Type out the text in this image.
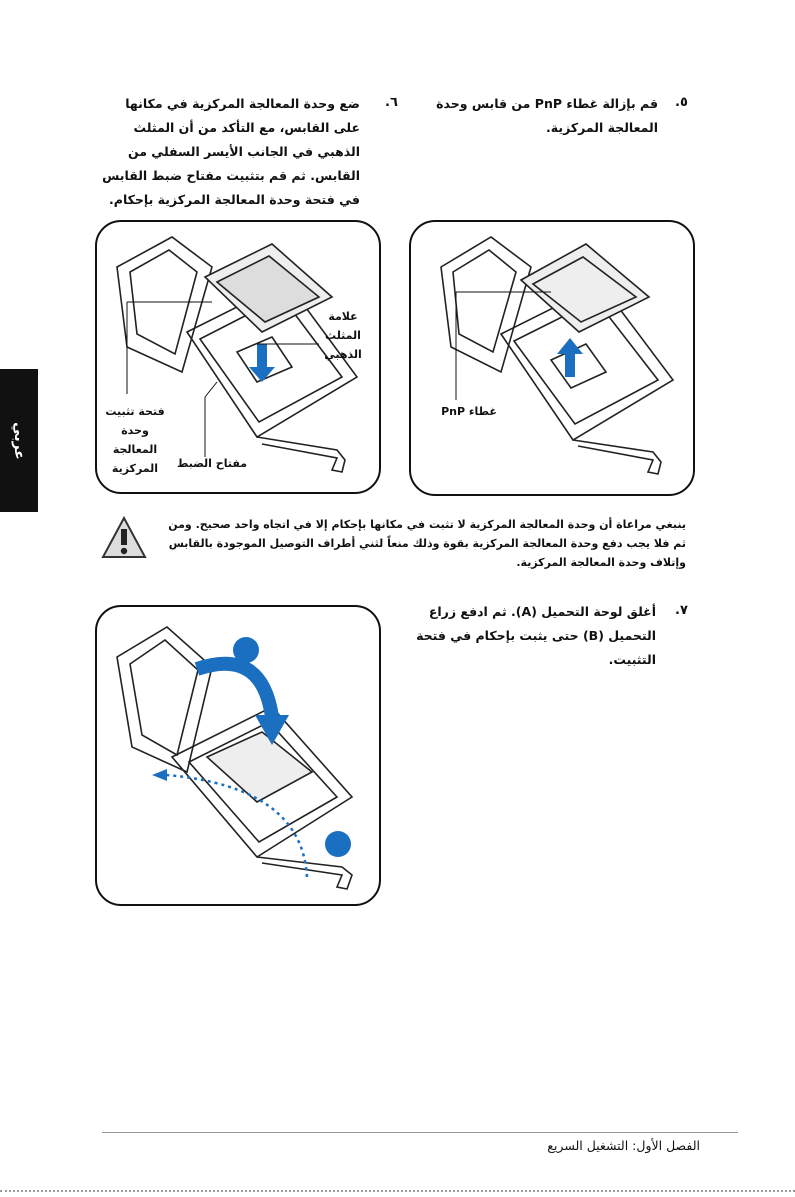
عربي
٥.
قم بإزالة غطاء PnP من قابس وحدة المعالجة المركزية.
٦.
ضع وحدة المعالجة المركزية في مكانها على القابس، مع التأكد من أن المثلث الذهبي في الجانب الأيسر السفلي من القابس. ثم قم بتثبيت مفتاح ضبط القابس في فتحة وحدة المعالجة المركزية بإحكام.
علامة المثلث الذهبي
فتحة تثبيت وحدة المعالجة المركزية	مفتاح الضبط
غطاء PnP
ينبغي مراعاة أن وحدة المعالجة المركزية لا تثبت في مكانها بإحكام إلا في اتجاه واحد صحيح. ومن ثم فلا يجب دفع وحدة المعالجة المركزية بقوة وذلك منعاً لثني أطراف التوصيل الموجودة بالقابس وإتلاف وحدة المعالجة المركزية.
٧.
أغلق لوحة التحميل (A). ثم ادفع زراع التحميل (B) حتى يثبت بإحكام في فتحة التثبيت.
الفصل الأول: التشغيل السريع
